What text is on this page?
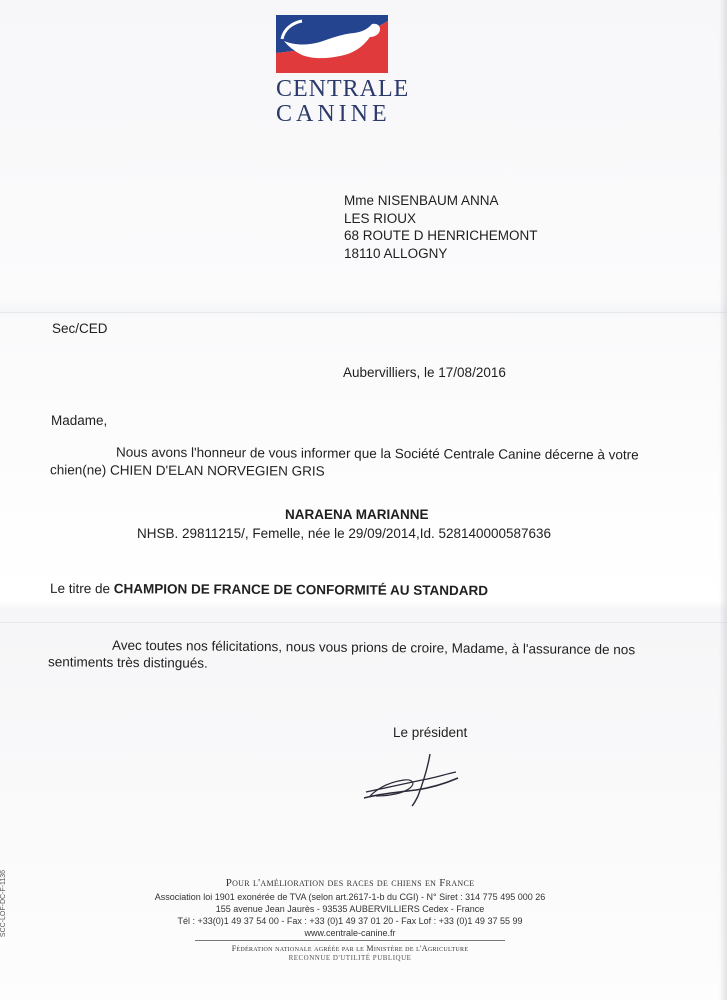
CENTRALE
CANINE
Mme NISENBAUM ANNA
LES RIOUX
68 ROUTE D HENRICHEMONT
18110 ALLOGNY
Sec/CED
Aubervilliers, le 17/08/2016
Madame,
Nous avons l'honneur de vous informer que la Société Centrale Canine décerne à votre
chien(ne) CHIEN D'ELAN NORVEGIEN GRIS
NARAENA MARIANNE
NHSB. 29811215/, Femelle, née le 29/09/2014,Id. 528140000587636
Le titre de CHAMPION DE FRANCE DE CONFORMITÉ AU STANDARD
Avec toutes nos félicitations, nous vous prions de croire, Madame, à l'assurance de nos
sentiments très distingués.
Le président
Pour l'amélioration des races de chiens en France
Association loi 1901 exonérée de TVA (selon art.2617-1-b du CGI) - N° Siret : 314 775 495 000 26
155 avenue Jean Jaurès - 93535 AUBERVILLIERS Cedex - France
Tél : +33(0)1 49 37 54 00 - Fax : +33 (0)1 49 37 01 20 - Fax Lof : +33 (0)1 49 37 55 99
www.centrale-canine.fr
Fédération nationale agréée par le Ministère de l'Agriculture
RECONNUE D'UTILITÉ PUBLIQUE
SCC-LOF-DC-F-1136
